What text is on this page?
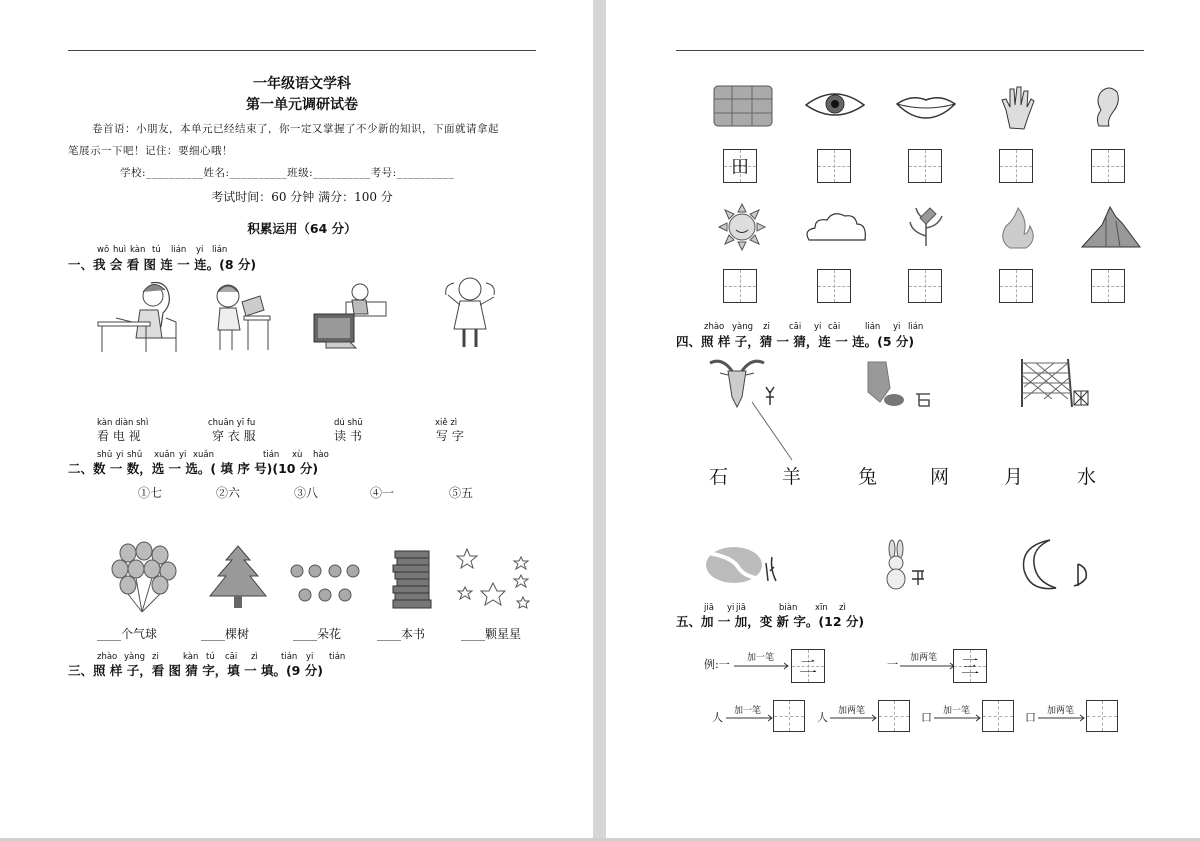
一年级语文学科
第一单元调研试卷
卷首语：小朋友，本单元已经结束了，你一定又掌握了不少新的知识，下面就请拿起
笔展示一下吧！记住：要细心哦！
学校:__________姓名:__________班级:__________考号:__________
考试时间：60 分钟 满分：100 分
积累运用（64 分）
wǒ huì kàn tú lián yi lián
一、我 会 看 图 连 一 连。(8 分)
kàn diàn shì
看 电 视
chuān yī fu
穿 衣 服
dú shū
读 书
xiě zì
写 字
shǔ yi shǔ xuǎn yi xuǎn	tián xù hào
二、数 一 数，选 一 选。( 填 序 号)(10 分)
①七	②六	③八	④一	⑤五
____个气球	____棵树	____朵花	____本书	____颗星星
zhào yàng zi	kàn tú cāi zì	tián yi tián
三、照 样 子，看 图 猜 字，填 一 填。(9 分)
田
zhào yàng zi cāi yi cāi	lián yi lián
四、照 样 子，猜 一 猜，连 一 连。(5 分)
石	羊	兔	网	月	水
jiā yi jiā	biàn xīn zì
五、加 一 加，变 新 字。(12 分)
例:一 加一笔	二	一 加两笔	三
人 加一笔	人 加两笔	口 加一笔	口 加两笔
